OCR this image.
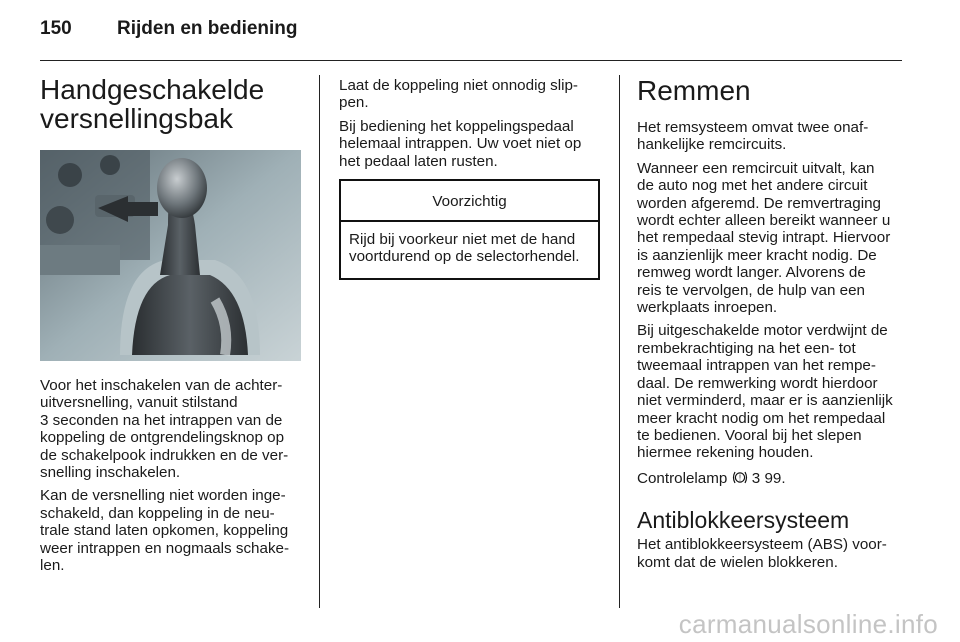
150 Rijden en bediening
Handgeschakelde
versnellingsbak

Voor het inschakelen van de achter-
uitversnelling, vanuit stilstand
3 seconden na het intrappen van de
koppeling de ontgrendelingsknop op
de schakelpook indrukken en de ver-
snelling inschakelen.

Kan de versnelling niet worden inge-
schakeld, dan koppeling in de neu-
trale stand laten opkomen, koppeling
weer intrappen en nogmaals schake-
len.

Laat de koppeling niet onnodig slip-
pen.

Bij bediening het koppelingspedaal
helemaal intrappen. Uw voet niet op
het pedaal laten rusten.

Voorzichtig
Rijd bij voorkeur niet met de hand
voortdurend op de selectorhendel.
Remmen

Het remsysteem omvat twee onaf-
hankelijke remcircuits.

Wanneer een remcircuit uitvalt, kan
de auto nog met het andere circuit
worden afgeremd. De remvertraging
wordt echter alleen bereikt wanneer u
het rempedaal stevig intrapt. Hiervoor
is aanzienlijk meer kracht nodig. De
remweg wordt langer. Alvorens de
reis te vervolgen, de hulp van een
werkplaats inroepen.

Bij uitgeschakelde motor verdwijnt de
rembekrachtiging na het een- tot
tweemaal intrappen van het rempe-
daal. De remwerking wordt hierdoor
niet verminderd, maar er is aanzienlijk
meer kracht nodig om het rempedaal
te bedienen. Vooral bij het slepen
hiermee rekening houden.

Controlelamp ! 3 99.

Antiblokkeersysteem

Het antiblokkeersysteem (ABS) voor-
komt dat de wielen blokkeren.

carmanualsonline.info
